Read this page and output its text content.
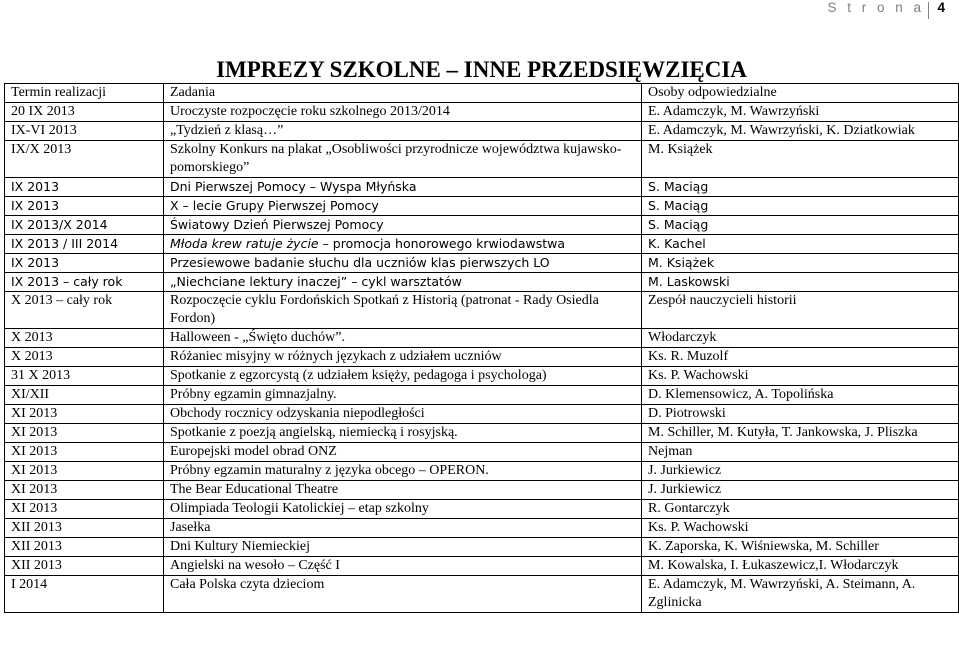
S t r o n a 4
IMPREZY SZKOLNE – INNE PRZEDSIĘWZIĘCIA
Termin realizacji	Zadania	Osoby odpowiedzialne
20 IX 2013	Uroczyste rozpoczęcie roku szkolnego 2013/2014	E. Adamczyk, M. Wawrzyński
IX-VI 2013	„Tydzień z klasą…”	E. Adamczyk, M. Wawrzyński, K. Dziatkowiak
IX/X 2013	Szkolny Konkurs na plakat „Osobliwości przyrodnicze województwa kujawsko-pomorskiego”	M. Książek
IX 2013	Dni Pierwszej Pomocy – Wyspa Młyńska	S. Maciąg
IX 2013	X – lecie Grupy Pierwszej Pomocy	S. Maciąg
IX 2013/X 2014	Światowy Dzień Pierwszej Pomocy	S. Maciąg
IX 2013 / III 2014	Młoda krew ratuje życie – promocja honorowego krwiodawstwa	K. Kachel
IX 2013	Przesiewowe badanie słuchu dla uczniów klas pierwszych LO	M. Książek
IX 2013 – cały rok	„Niechciane lektury inaczej” – cykl warsztatów	M. Laskowski
X 2013 – cały rok	Rozpoczęcie cyklu Fordońskich Spotkań z Historią (patronat - Rady Osiedla Fordon)	Zespół nauczycieli historii
X 2013	Halloween - „Święto duchów”.	Włodarczyk
X 2013	Różaniec misyjny w różnych językach z udziałem uczniów	Ks. R. Muzolf
31 X 2013	Spotkanie z egzorcystą (z udziałem księży, pedagoga i psychologa)	Ks. P. Wachowski
XI/XII	Próbny egzamin gimnazjalny.	D. Klemensowicz, A. Topolińska
XI 2013	Obchody rocznicy odzyskania niepodległości	D. Piotrowski
XI 2013	Spotkanie z poezją angielską, niemiecką i rosyjską.	M. Schiller, M. Kutyła, T. Jankowska, J. Pliszka
XI 2013	Europejski model obrad ONZ	Nejman
XI 2013	Próbny egzamin maturalny z języka obcego – OPERON.	J. Jurkiewicz
XI 2013	The Bear Educational Theatre	J. Jurkiewicz
XI 2013	Olimpiada Teologii Katolickiej – etap szkolny	R. Gontarczyk
XII 2013	Jasełka	Ks. P. Wachowski
XII 2013	Dni Kultury Niemieckiej	K. Zaporska, K. Wiśniewska, M. Schiller
XII 2013	Angielski na wesoło – Część I	M. Kowalska, I. Łukaszewicz,I. Włodarczyk
I 2014	Cała Polska czyta dzieciom	E. Adamczyk, M. Wawrzyński, A. Steimann, A. Zglinicka
